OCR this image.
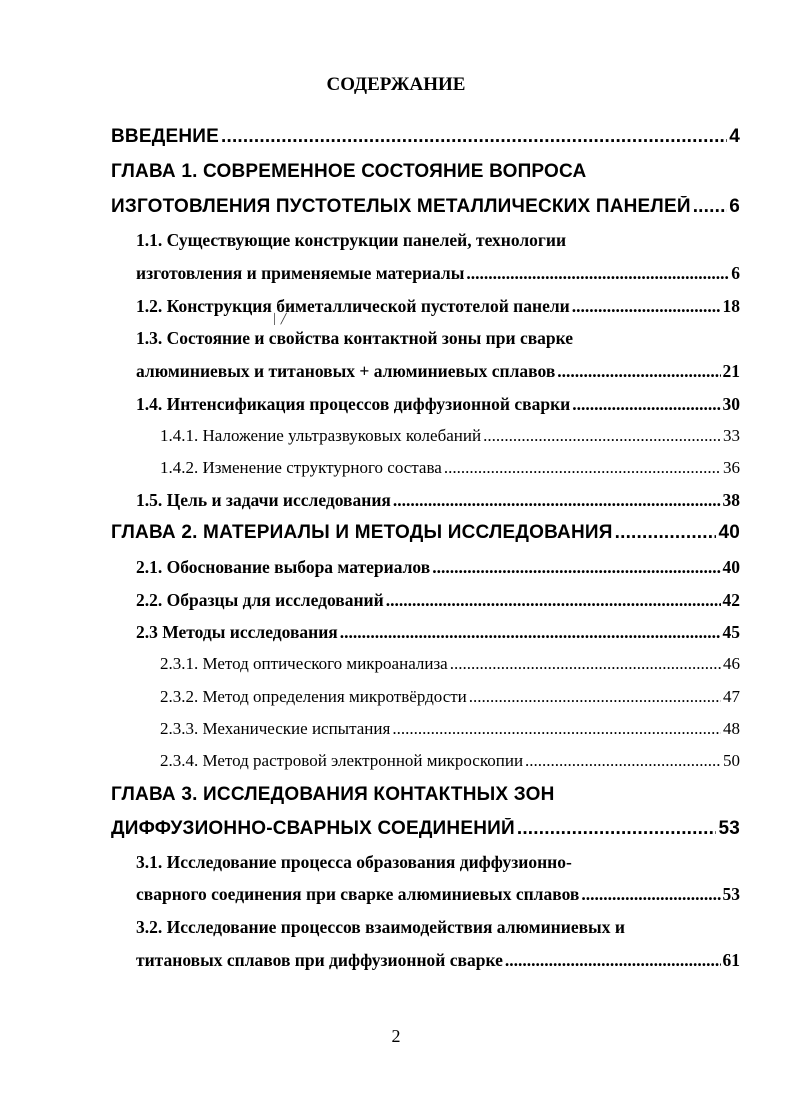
СОДЕРЖАНИЕ
ВВЕДЕНИЕ .....	4
ГЛАВА 1. СОВРЕМЕННОЕ СОСТОЯНИЕ ВОПРОСА
ИЗГОТОВЛЕНИЯ ПУСТОТЕЛЫХ МЕТАЛЛИЧЕСКИХ ПАНЕЛЕЙ ..... 6
1.1. Существующие конструкции панелей, технологии
изготовления и применяемые материалы .....	6
1.2. Конструкция биметаллической пустотелой панели .....	18
│ ╱
1.3. Состояние и свойства контактной зоны при сварке
алюминиевых и титановых + алюминиевых сплавов .....	21
1.4. Интенсификация процессов диффузионной сварки .....	30
1.4.1. Наложение ультразвуковых колебаний .....	33
1.4.2. Изменение структурного состава .....	36
1.5. Цель и задачи исследования .....	38
ГЛАВА 2. МАТЕРИАЛЫ И МЕТОДЫ ИССЛЕДОВАНИЯ .....	40
2.1. Обоснование выбора материалов .....	40
2.2. Образцы для исследований .....	42
2.3 Методы исследования .....	45
2.3.1. Метод оптического микроанализа .....	46
2.3.2. Метод определения микротвёрдости .....	47
2.3.3. Механические испытания .....	48
2.3.4. Метод растровой электронной микроскопии .....	50
ГЛАВА 3. ИССЛЕДОВАНИЯ КОНТАКТНЫХ ЗОН
ДИФФУЗИОННО-СВАРНЫХ СОЕДИНЕНИЙ .....	53
3.1. Исследование процесса образования диффузионно-
сварного соединения при сварке алюминиевых сплавов .....	53
3.2. Исследование процессов взаимодействия алюминиевых и
титановых сплавов при диффузионной сварке .....	61
2
